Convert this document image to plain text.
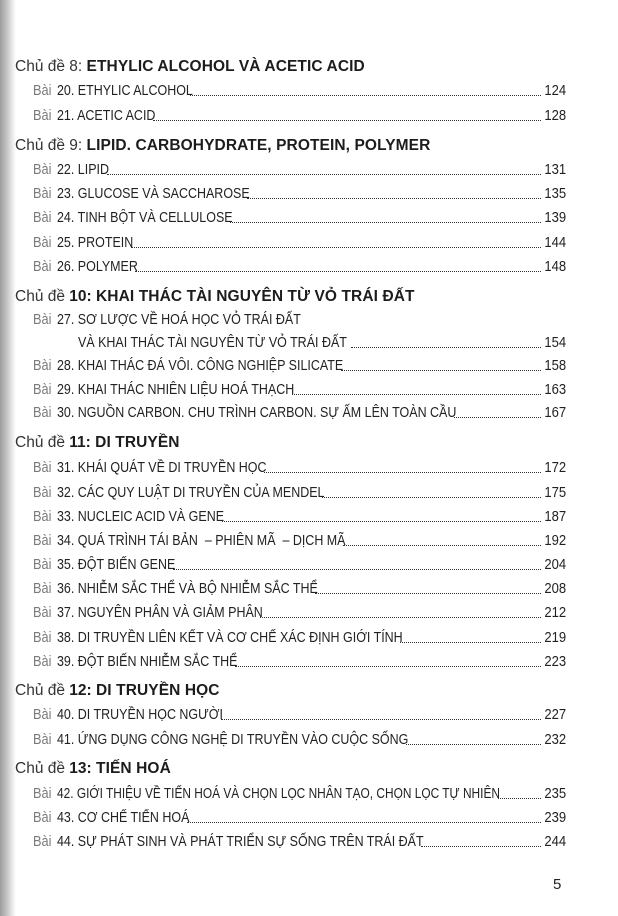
Chủ đề 8: ETHYLIC ALCOHOL VÀ ACETIC ACID
Bài 20. ETHYLIC ALCOHOL	124
Bài 21. ACETIC ACID	128
Chủ đề 9: LIPID. CARBOHYDRATE, PROTEIN, POLYMER
Bài 22. LIPID	131
Bài 23. GLUCOSE VÀ SACCHAROSE	135
Bài 24. TINH BỘT VÀ CELLULOSE	139
Bài 25. PROTEIN	144
Bài 26. POLYMER	148
Chủ đề 10: KHAI THÁC TÀI NGUYÊN TỪ VỎ TRÁI ĐẤT
Bài 27. SƠ LƯỢC VỀ HOÁ HỌC VỎ TRÁI ĐẤT
VÀ KHAI THÁC TÀI NGUYÊN TỪ VỎ TRÁI ĐẤT	154
Bài 28. KHAI THÁC ĐÁ VÔI. CÔNG NGHIỆP SILICATE	158
Bài 29. KHAI THÁC NHIÊN LIỆU HOÁ THẠCH	163
Bài 30. NGUỒN CARBON. CHU TRÌNH CARBON. SỰ ẤM LÊN TOÀN CẦU	167
Chủ đề 11: DI TRUYỀN
Bài 31. KHÁI QUÁT VỀ DI TRUYỀN HỌC	172
Bài 32. CÁC QUY LUẬT DI TRUYỀN CỦA MENDEL	175
Bài 33. NUCLEIC ACID VÀ GENE	187
Bài 34. QUÁ TRÌNH TÁI BẢN  – PHIÊN MÃ  – DỊCH MÃ	192
Bài 35. ĐỘT BIẾN GENE	204
Bài 36. NHIỄM SẮC THỂ VÀ BỘ NHIỄM SẮC THỂ	208
Bài 37. NGUYÊN PHÂN VÀ GIẢM PHÂN	212
Bài 38. DI TRUYỀN LIÊN KẾT VÀ CƠ CHẾ XÁC ĐỊNH GIỚI TÍNH	219
Bài 39. ĐỘT BIẾN NHIỄM SẮC THỂ	223
Chủ đề 12: DI TRUYỀN HỌC
Bài 40. DI TRUYỀN HỌC NGƯỜI	227
Bài 41. ỨNG DỤNG CÔNG NGHỆ DI TRUYỀN VÀO CUỘC SỐNG	232
Chủ đề 13: TIẾN HOÁ
Bài 42. GIỚI THIỆU VỀ TIẾN HOÁ VÀ CHỌN LỌC NHÂN TẠO, CHỌN LỌC TỰ NHIÊN	235
Bài 43. CƠ CHẾ TIẾN HOÁ	239
Bài 44. SỰ PHÁT SINH VÀ PHÁT TRIỂN SỰ SỐNG TRÊN TRÁI ĐẤT	244
5
